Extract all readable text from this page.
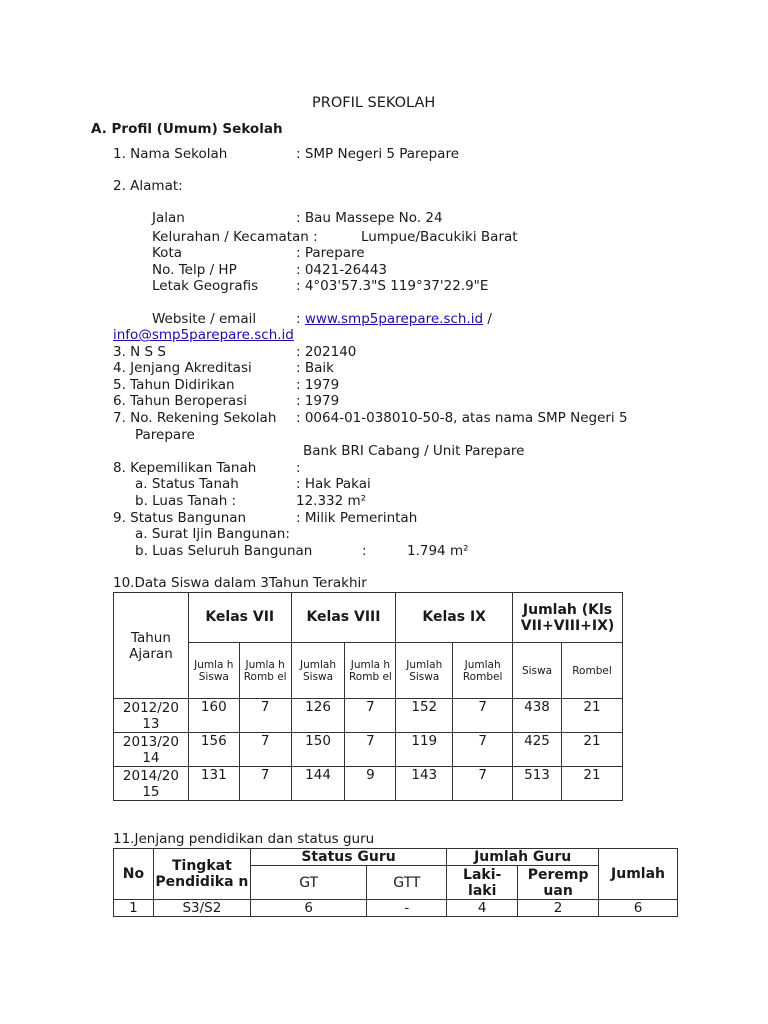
PROFIL SEKOLAH
A. Profil (Umum) Sekolah
1. Nama Sekolah	: SMP Negeri 5 Parepare
2. Alamat:
Jalan	: Bau Massepe No. 24
Kelurahan / Kecamatan :	Lumpue/Bacukiki Barat
Kota	: Parepare
No. Telp / HP	: 0421-26443
Letak Geografis	: 4°03'57.3"S 119°37'22.9"E
Website / email	: www.smp5parepare.sch.id /
info@smp5parepare.sch.id
3. N S S	: 202140
4. Jenjang Akreditasi	: Baik
5. Tahun Didirikan	: 1979
6. Tahun Beroperasi	: 1979
7. No. Rekening Sekolah : 0064-01-038010-50-8, atas nama SMP Negeri 5
Parepare
Bank BRI Cabang / Unit Parepare
8. Kepemilikan Tanah	:
a. Status Tanah	: Hak Pakai
b. Luas Tanah :	12.332 m²
9. Status Bangunan	: Milik Pemerintah
a. Surat Ijin Bangunan:
b. Luas Seluruh Bangunan	:	1.794 m²
10.Data Siswa dalam 3Tahun Terakhir
Tahun Ajaran	Kelas VII		Kelas VIII		Kelas IX		Jumlah (Kls VII+VIII+IX)	
	Jumla h Siswa	Jumla h Romb el	Jumlah Siswa	Jumla h Romb el	Jumlah Siswa	Jumlah Rombel	Siswa	Rombel
2012/20 13	160	7	126	7	152	7	438	21
2013/20 14	156	7	150	7	119	7	425	21
2014/20 15	131	7	144	9	143	7	513	21
11.Jenjang pendidikan dan status guru
No	Tingkat Pendidika n	Status Guru		Jumlah Guru		Jumlah
		GT	GTT	Laki- laki	Peremp uan	
1	S3/S2	6	-	4	2	6
